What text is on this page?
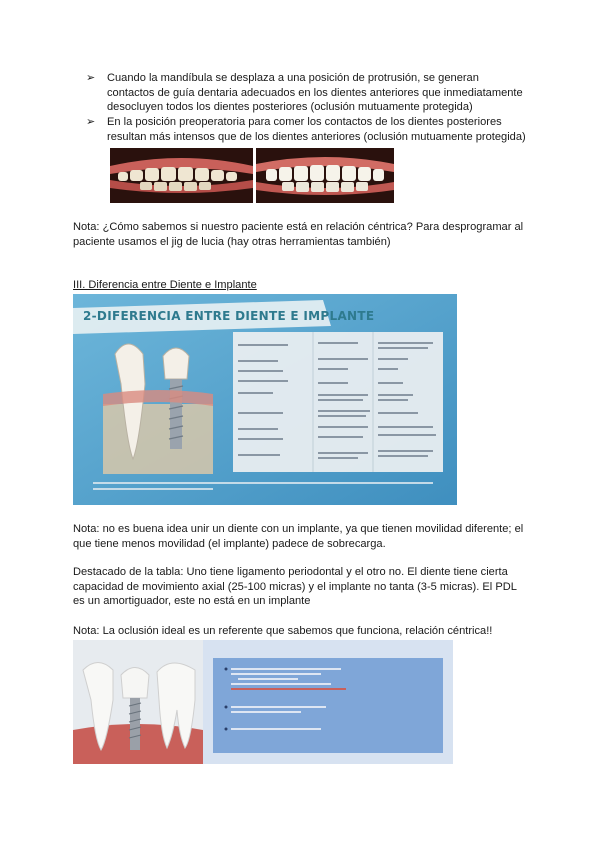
➢ Cuando la mandíbula se desplaza a una posición de protrusión, se generan
contactos de guía dentaria adecuados en los dientes anteriores que inmediatamente
desocluyen todos los dientes posteriores (oclusión mutuamente protegida)
➢ En la posición preoperatoria para comer los contactos de los dientes posteriores
resultan más intensos que de los dientes anteriores (oclusión mutuamente protegida)
Nota: ¿Cómo sabemos si nuestro paciente está en relación céntrica? Para desprogramar al
paciente usamos el jig de lucia (hay otras herramientas también)
III. Diferencia entre Diente e Implante
2-DIFERENCIA ENTRE DIENTE E IMPLANTE
Nota: no es buena idea unir un diente con un implante, ya que tienen movilidad diferente; el
que tiene menos movilidad (el implante) padece de sobrecarga.
Destacado de la tabla: Uno tiene ligamento periodontal y el otro no. El diente tiene cierta
capacidad de movimiento axial (25-100 micras) y el implante no tanta (3-5 micras). El PDL
es un amortiguador, este no está en un implante
Nota: La oclusión ideal es un referente que sabemos que funciona, relación céntrica!!
